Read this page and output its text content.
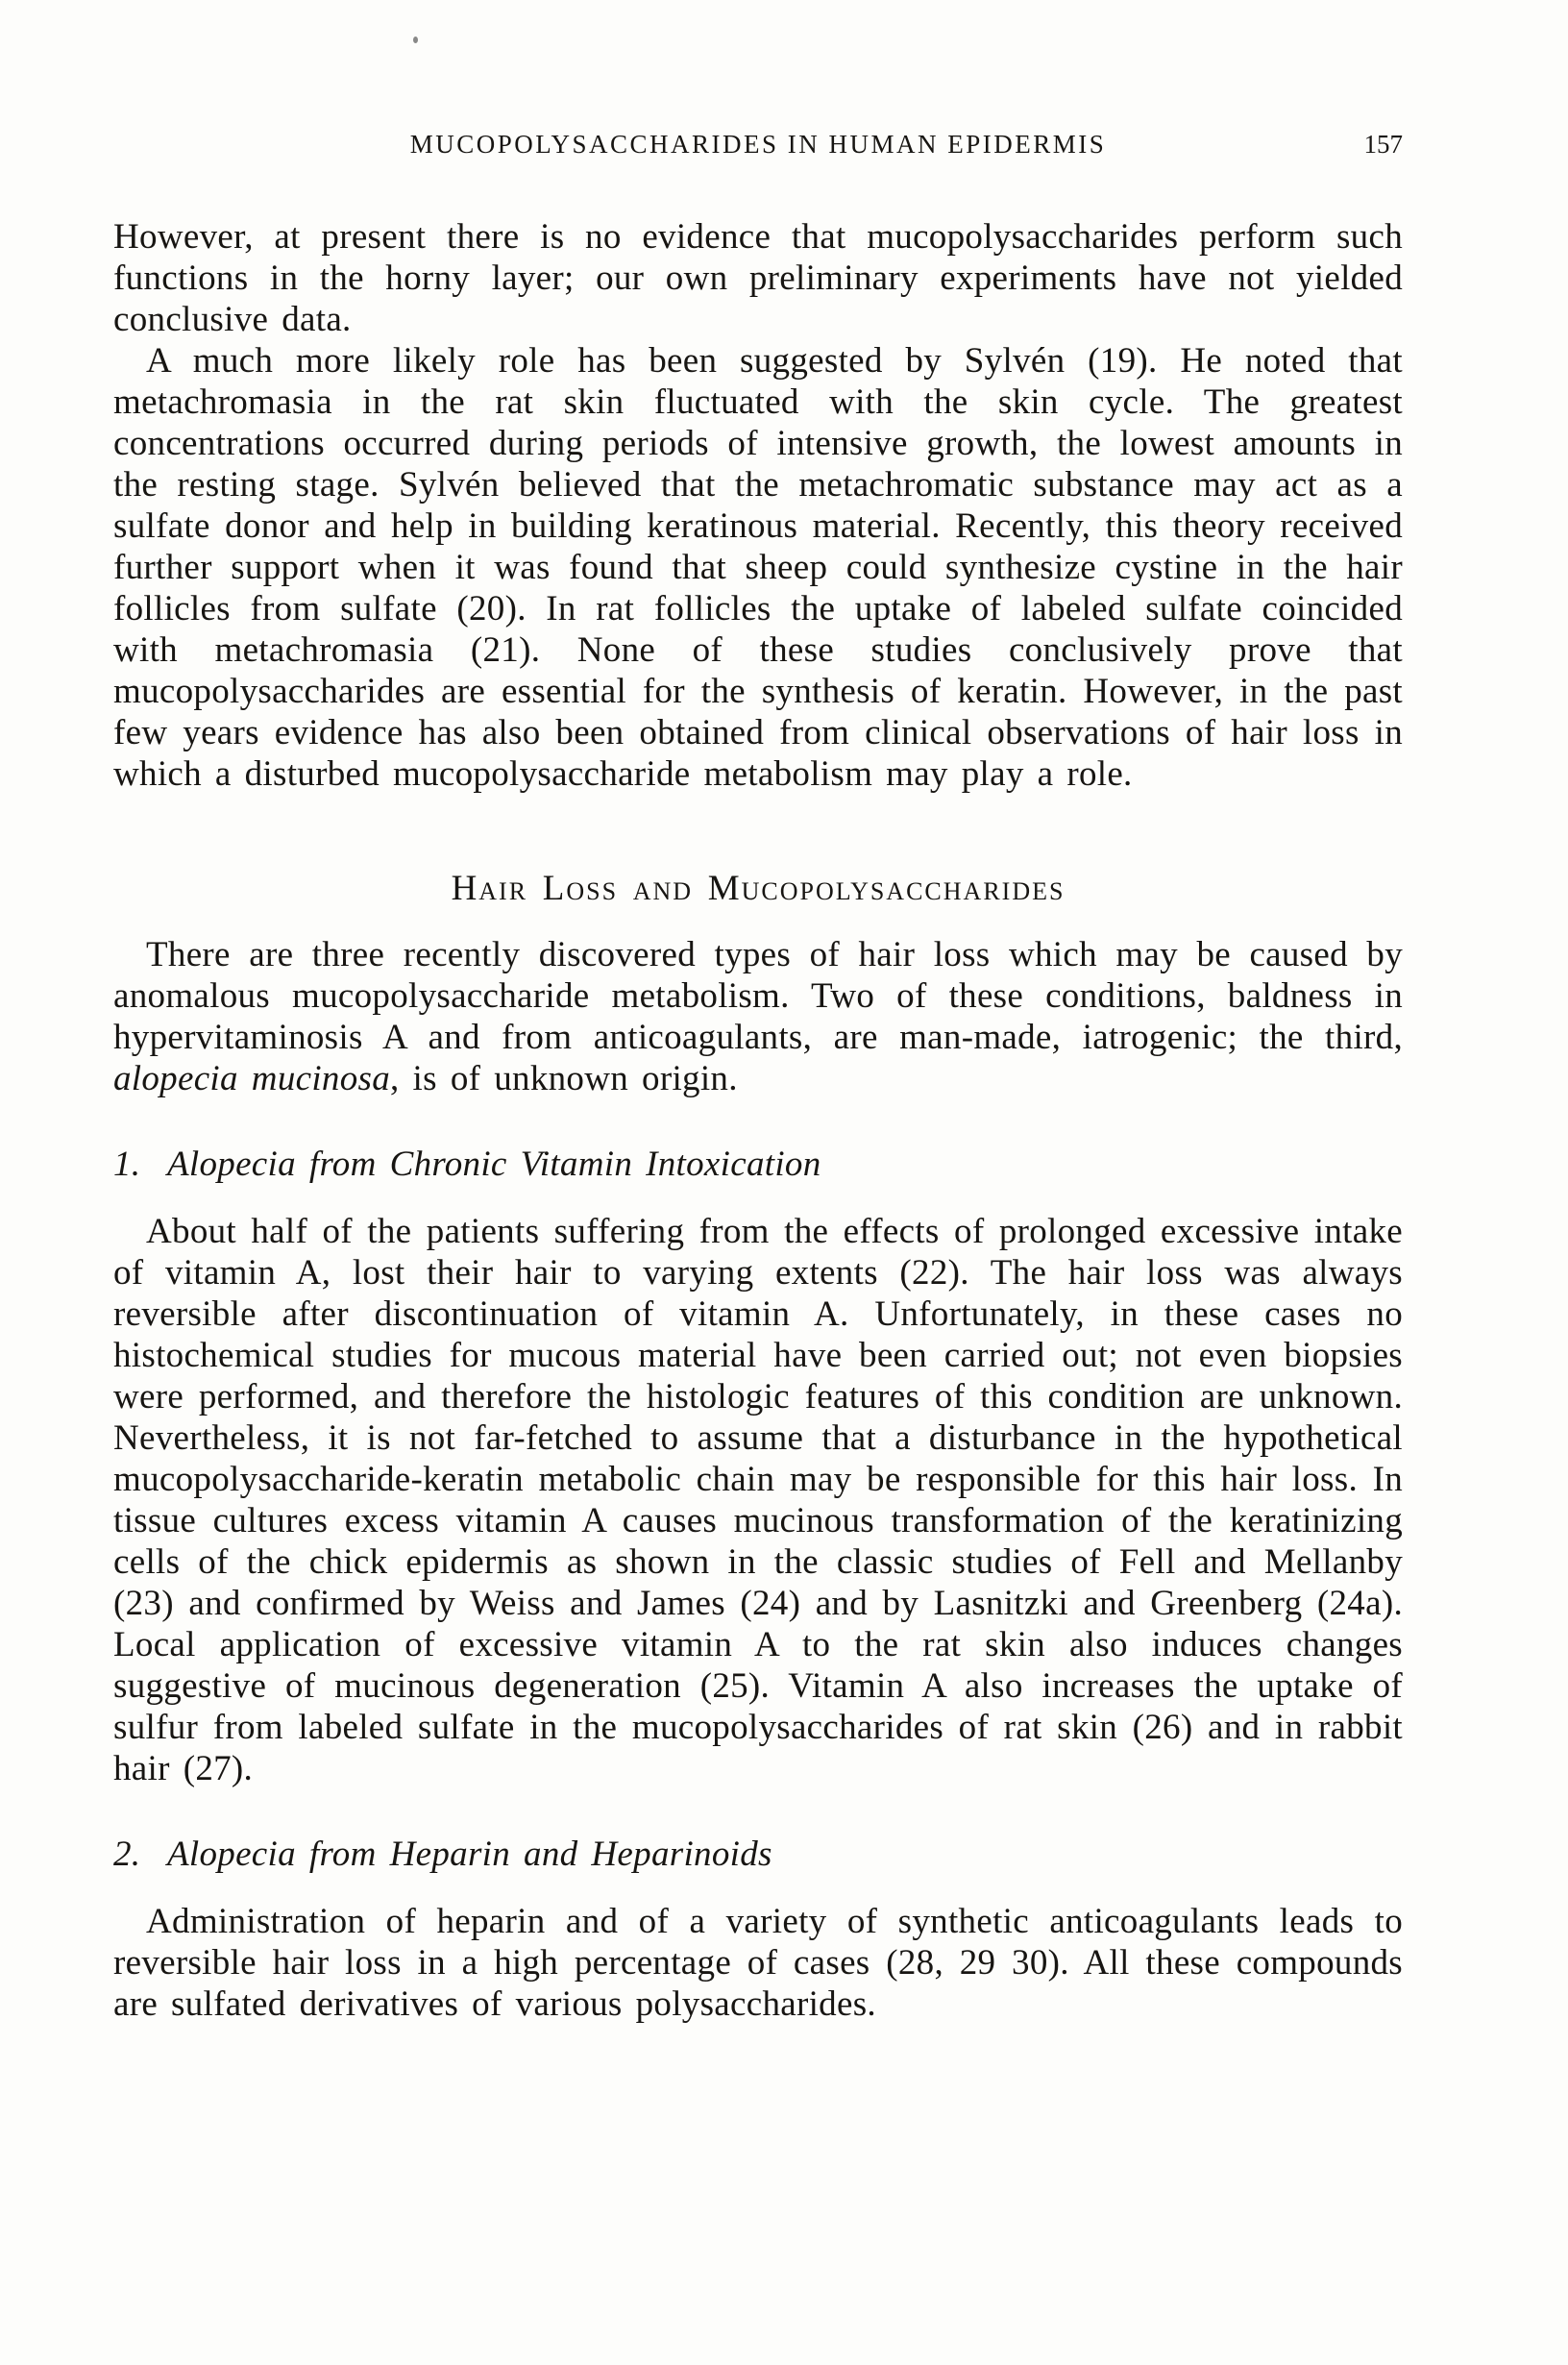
MUCOPOLYSACCHARIDES IN HUMAN EPIDERMIS	157

However, at present there is no evidence that mucopolysaccharides perform such functions in the horny layer; our own preliminary experiments have not yielded conclusive data.

A much more likely role has been suggested by Sylvén (19). He noted that metachromasia in the rat skin fluctuated with the skin cycle. The greatest concentrations occurred during periods of intensive growth, the lowest amounts in the resting stage. Sylvén believed that the metachromatic substance may act as a sulfate donor and help in building keratinous material. Recently, this theory received further support when it was found that sheep could synthesize cystine in the hair follicles from sulfate (20). In rat follicles the uptake of labeled sulfate coincided with metachromasia (21). None of these studies conclusively prove that mucopolysaccharides are essential for the synthesis of keratin. However, in the past few years evidence has also been obtained from clinical observations of hair loss in which a disturbed mucopolysaccharide metabolism may play a role.

Hair Loss and Mucopolysaccharides

There are three recently discovered types of hair loss which may be caused by anomalous mucopolysaccharide metabolism. Two of these conditions, baldness in hypervitaminosis A and from anticoagulants, are man-made, iatrogenic; the third, alopecia mucinosa, is of unknown origin.

1. Alopecia from Chronic Vitamin Intoxication

About half of the patients suffering from the effects of prolonged excessive intake of vitamin A, lost their hair to varying extents (22). The hair loss was always reversible after discontinuation of vitamin A. Unfortunately, in these cases no histochemical studies for mucous material have been carried out; not even biopsies were performed, and therefore the histologic features of this condition are unknown. Nevertheless, it is not far-fetched to assume that a disturbance in the hypothetical mucopolysaccharide-keratin metabolic chain may be responsible for this hair loss. In tissue cultures excess vitamin A causes mucinous transformation of the keratinizing cells of the chick epidermis as shown in the classic studies of Fell and Mellanby (23) and confirmed by Weiss and James (24) and by Lasnitzki and Greenberg (24a). Local application of excessive vitamin A to the rat skin also induces changes suggestive of mucinous degeneration (25). Vitamin A also increases the uptake of sulfur from labeled sulfate in the mucopolysaccharides of rat skin (26) and in rabbit hair (27).

2. Alopecia from Heparin and Heparinoids

Administration of heparin and of a variety of synthetic anticoagulants leads to reversible hair loss in a high percentage of cases (28, 29 30). All these compounds are sulfated derivatives of various polysaccharides.
